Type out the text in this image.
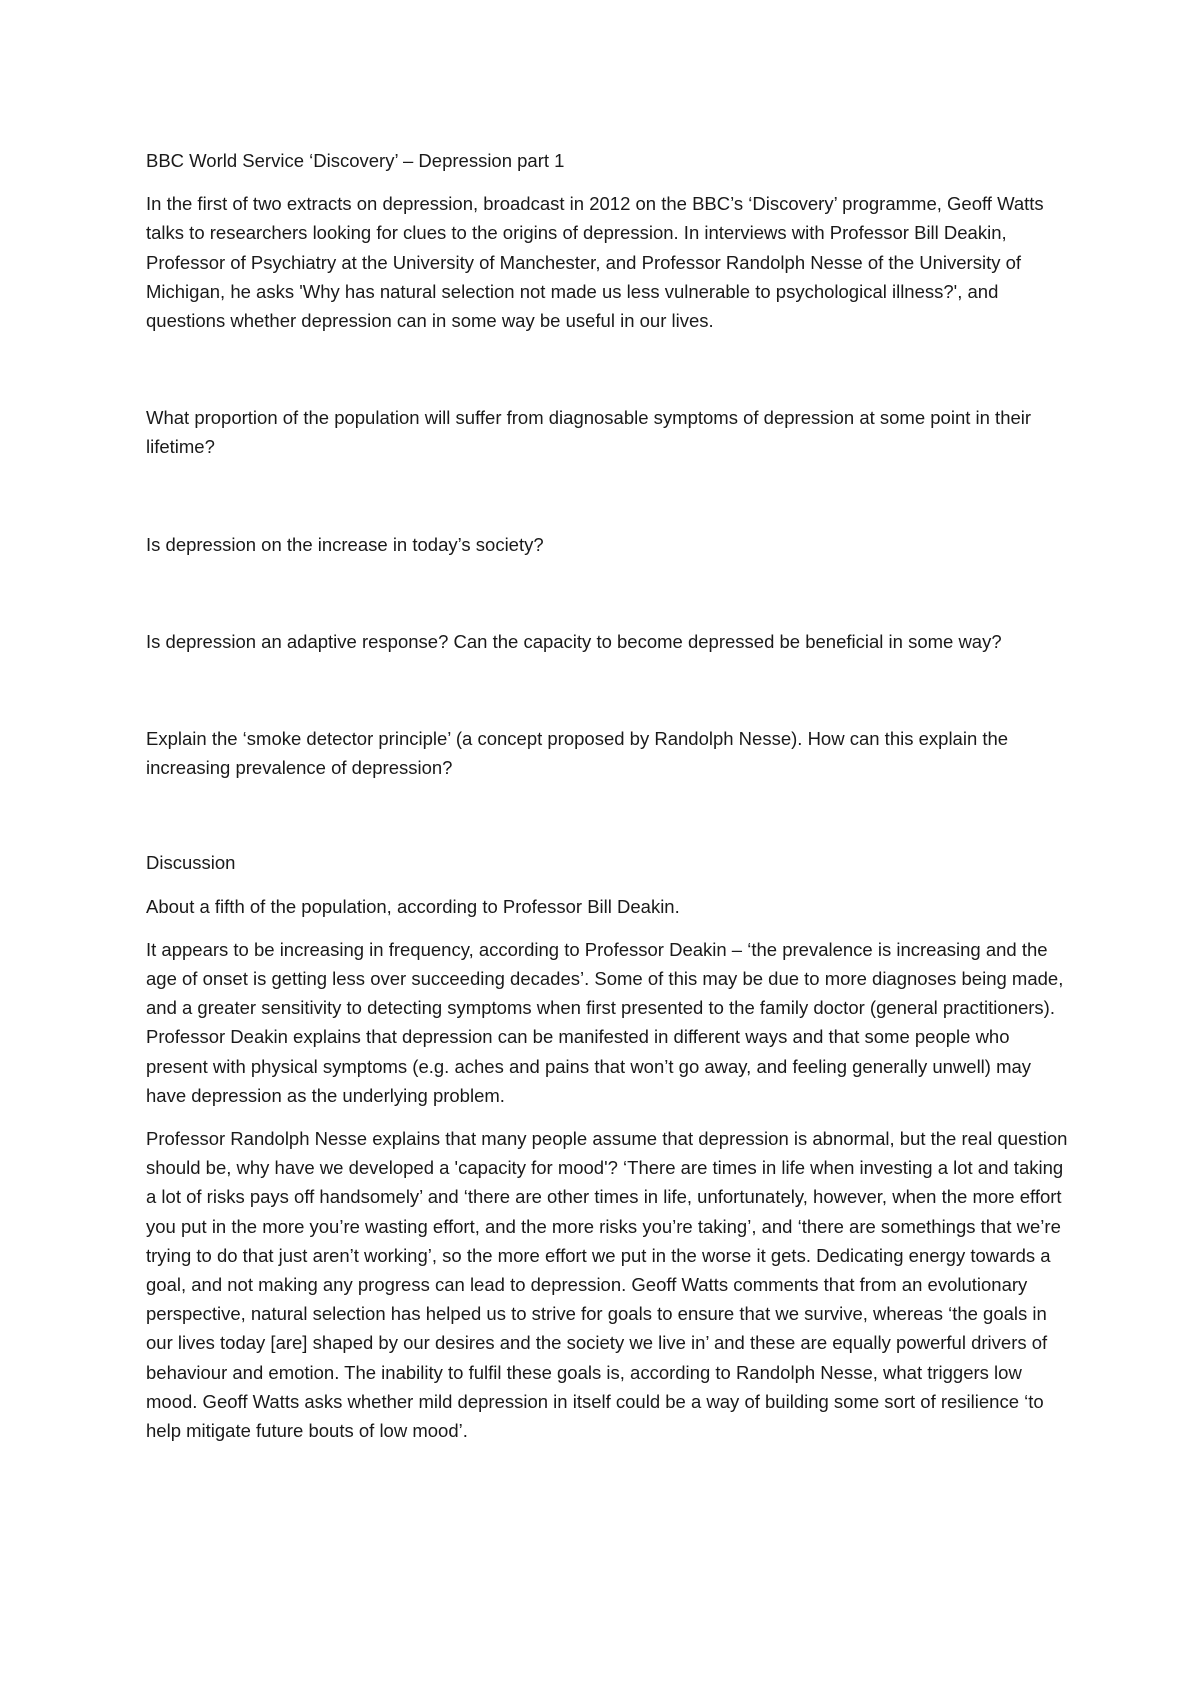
BBC World Service ‘Discovery’ – Depression part 1

In the first of two extracts on depression, broadcast in 2012 on the BBC’s ‘Discovery’ programme, Geoff Watts talks to researchers looking for clues to the origins of depression. In interviews with Professor Bill Deakin, Professor of Psychiatry at the University of Manchester, and Professor Randolph Nesse of the University of Michigan, he asks 'Why has natural selection not made us less vulnerable to psychological illness?', and questions whether depression can in some way be useful in our lives.

What proportion of the population will suffer from diagnosable symptoms of depression at some point in their lifetime?

Is depression on the increase in today’s society?

Is depression an adaptive response? Can the capacity to become depressed be beneficial in some way?

Explain the ‘smoke detector principle’ (a concept proposed by Randolph Nesse). How can this explain the increasing prevalence of depression?

Discussion

About a fifth of the population, according to Professor Bill Deakin.

It appears to be increasing in frequency, according to Professor Deakin – ‘the prevalence is increasing and the age of onset is getting less over succeeding decades’. Some of this may be due to more diagnoses being made, and a greater sensitivity to detecting symptoms when first presented to the family doctor (general practitioners). Professor Deakin explains that depression can be manifested in different ways and that some people who present with physical symptoms (e.g. aches and pains that won’t go away, and feeling generally unwell) may have depression as the underlying problem.

Professor Randolph Nesse explains that many people assume that depression is abnormal, but the real question should be, why have we developed a 'capacity for mood'? ‘There are times in life when investing a lot and taking a lot of risks pays off handsomely’ and ‘there are other times in life, unfortunately, however, when the more effort you put in the more you’re wasting effort, and the more risks you’re taking’, and ‘there are somethings that we’re trying to do that just aren’t working’, so the more effort we put in the worse it gets. Dedicating energy towards a goal, and not making any progress can lead to depression. Geoff Watts comments that from an evolutionary perspective, natural selection has helped us to strive for goals to ensure that we survive, whereas ‘the goals in our lives today [are] shaped by our desires and the society we live in’ and these are equally powerful drivers of behaviour and emotion. The inability to fulfil these goals is, according to Randolph Nesse, what triggers low mood. Geoff Watts asks whether mild depression in itself could be a way of building some sort of resilience ‘to help mitigate future bouts of low mood’.
